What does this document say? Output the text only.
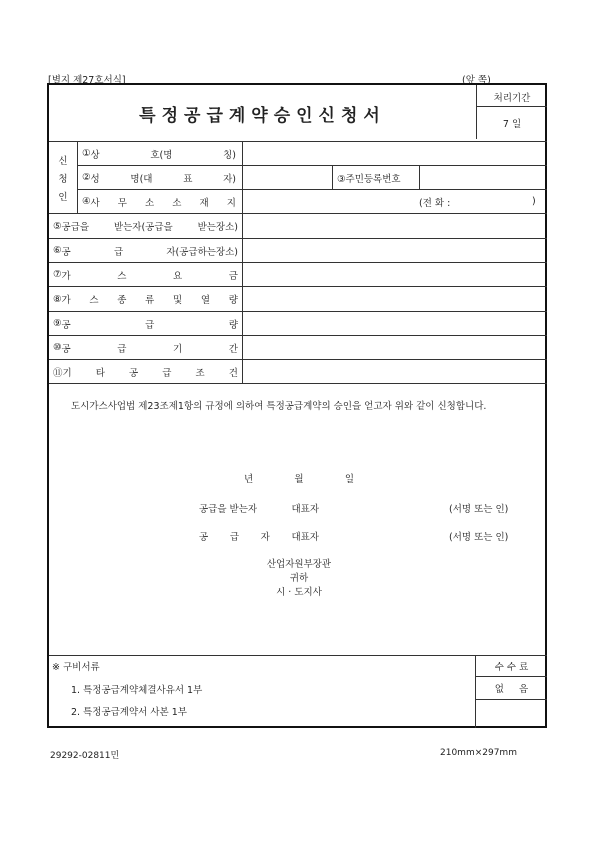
[별지 제27호서식]	(앞 쪽)
특정공급계약승인신청서
처리기간
7 일
신
청
인
① 상	호(명	칭)
② 성	명(대	표	자)	③주민등록번호
④ 사 무 소 소 재 지	(전 화 :	)
⑤ 공급을	받는자(공급을	받는장소)
⑥ 공	급	자(공급하는장소)
⑦ 가	스	요	금
⑧ 가 스 종 류 및 열 량
⑨ 공	급	량
⑩ 공	급	기	간
⑪ 기	타	공	급	조	건
도시가스사업법 제23조제1항의 규정에 의하여 특정공급계약의 승인을 얻고자 위와 같이 신청합니다.
년	월	일
공급을 받는자	대표자	(서명 또는 인)
공 급 자 대표자	(서명 또는 인)
산업자원부장관
귀하
시 · 도지사
※ 구비서류
1. 특정공급계약체결사유서 1부
2. 특정공급계약서 사본 1부
수 수 료
없     음
29292-02811민	210mm×297mm
